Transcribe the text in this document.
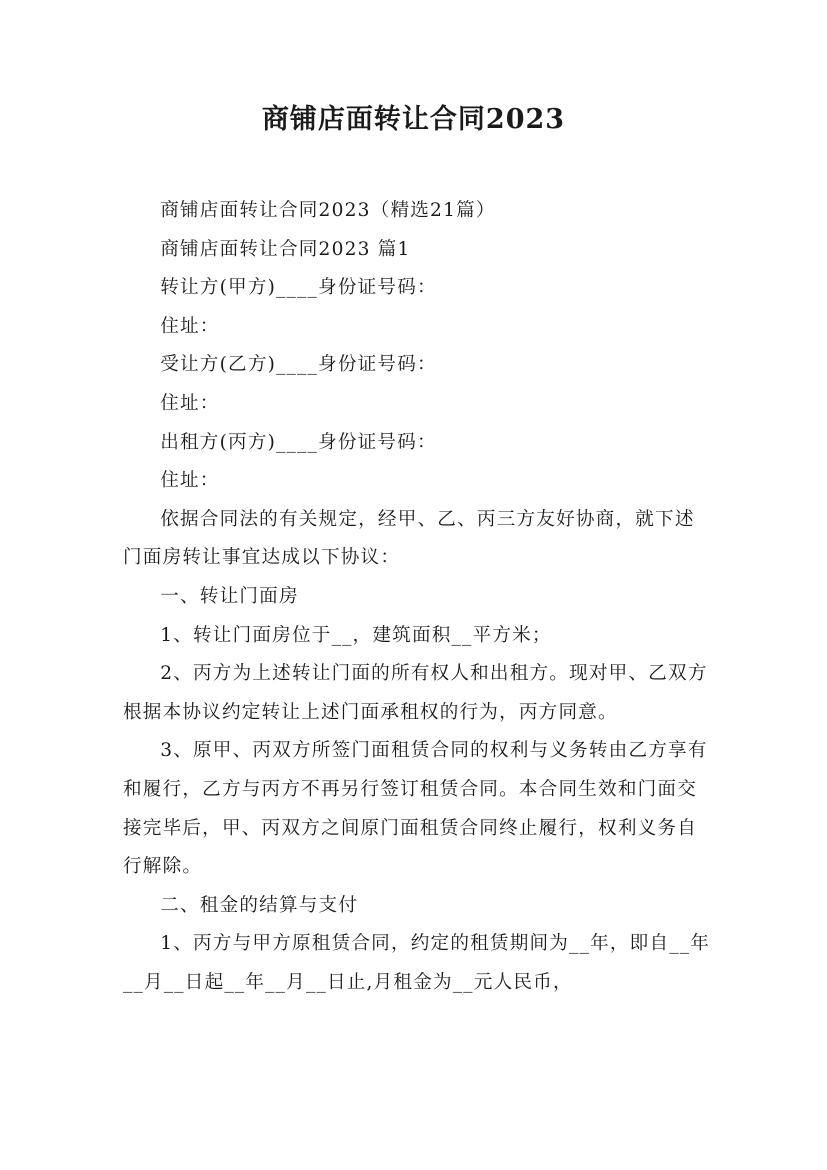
商铺店面转让合同2023

商铺店面转让合同2023（精选21篇）

商铺店面转让合同2023 篇1

转让方(甲方)____身份证号码：

住址：

受让方(乙方)____身份证号码：

住址：

出租方(丙方)____身份证号码：

住址：

依据合同法的有关规定，经甲、乙、丙三方友好协商，就下述门面房转让事宜达成以下协议：

一、转让门面房

1、转让门面房位于__，建筑面积__平方米；

2、丙方为上述转让门面的所有权人和出租方。现对甲、乙双方根据本协议约定转让上述门面承租权的行为，丙方同意。

3、原甲、丙双方所签门面租赁合同的权利与义务转由乙方享有和履行，乙方与丙方不再另行签订租赁合同。本合同生效和门面交接完毕后，甲、丙双方之间原门面租赁合同终止履行，权利义务自行解除。

二、租金的结算与支付

1、丙方与甲方原租赁合同，约定的租赁期间为__年，即自__年__月__日起__年__月__日止,月租金为__元人民币，
